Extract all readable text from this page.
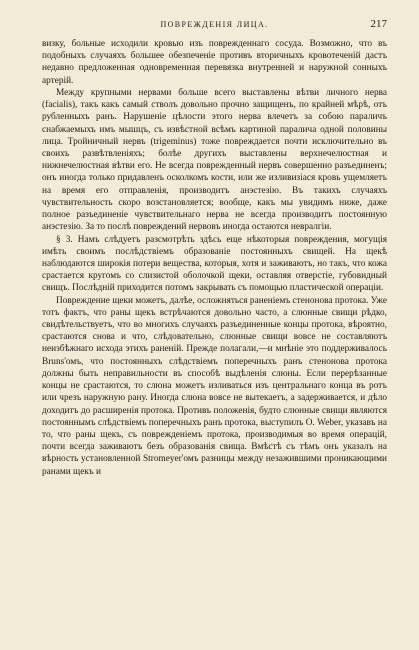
ПОВРЕЖДЕНIЯ ЛИЦА.	217

визку, больные исходили кровью изъ поврежденнаго сосуда. Возможно, что въ подобныхъ случаяхъ большее обезпеченіе противъ вторичныхъ кровотеченій дастъ недавно предложенная одновременная перевязка внутренней и наружной сонныхъ артерій.

Между крупными нервами больше всего выставлены вѣтви личного нерва (facialis), такъ какъ самый стволъ довольно прочно защищенъ, по крайней мѣрѣ, отъ рубленныхъ ранъ. Нарушеніе цѣлости этого нерва влечетъ за собою параличъ снабжаемыхъ имъ мышцъ, съ извѣстной всѣмъ картиной паралича одной половины лица. Тройничный нервъ (trigeminus) тоже повреждается почти исключительно въ своихъ развѣтвленіяхъ; болѣе другихъ выставлены верхнечелюстная и нижнечелюстная вѣтви его. Не всегда поврежденный нервъ совершенно разъединенъ; онъ иногда только придавленъ осколкомъ кости, или же изливизіася кровь ущемляетъ на время его отправленія, производитъ анэстезію. Въ такихъ случаяхъ чувствительность скоро возстановляется; вообще, какъ мы увидимъ ниже, даже полное разъединеніе чувствительнаго нерва не всегда производитъ постоянную анэстезію. За то послѣ повреждений нервовъ иногда остаются невралгіи.

§ 3. Намъ слѣдуетъ разсмотрѣть здѣсь еще нѣкоторыя повреждения, могущія имѣть своимъ послѣдствіемъ образованіе постоянныхъ свищей. На щекѣ наблюдаются широкія потери вещества, которыя, хотя и заживаютъ, но такъ, что кожа срастается кругомъ со слизистой оболочкой щеки, оставляя отверстіе, губовидный свищъ. Послѣдній приходится потомъ закрывать съ помощью пластической операціи.

Повреждение щеки можетъ, далѣе, осложняться раненіемъ стенонова протока. Уже тотъ фактъ, что раны щекъ встрѣчаются довольно часто, а слюнные свищи рѣдко, свидѣтельствуетъ, что во многихъ случаяхъ разъединенные концы протока, вѣроятно, срастаются снова и что, слѣдовательно, слюнные свищи вовсе не составляютъ неизбѣжнаго исхода этихъ раненій. Прежде полагали,—и мнѣніе это поддерживалось Bruns'омъ, что постоянныхъ слѣдствіемъ поперечныхъ ранъ стенонова протока должны быть неправильности въ способѣ выдѣленія слюны. Если перерѣзанные концы не срастаются, то слюна можетъ изливаться изъ центральнаго конца въ ротъ или чрезъ наружную рану. Иногда слюна вовсе не вытекаетъ, а задерживается, и дѣло доходитъ до расширенія протока. Противъ положенія, будто слюнные свищи являются постояннымъ слѣдствіемъ поперечныхъ ранъ протока, выступилъ О. Weber, указавъ на то, что раны щекъ, съ поврежденіемъ протока, производимыя во время операцій, почти всегда заживаютъ безъ образованія свища. Вмѣстѣ съ тѣмъ онъ указалъ на вѣрность установленной Stromeyer'омъ разницы между незажившими проникающими ранами щекъ и
